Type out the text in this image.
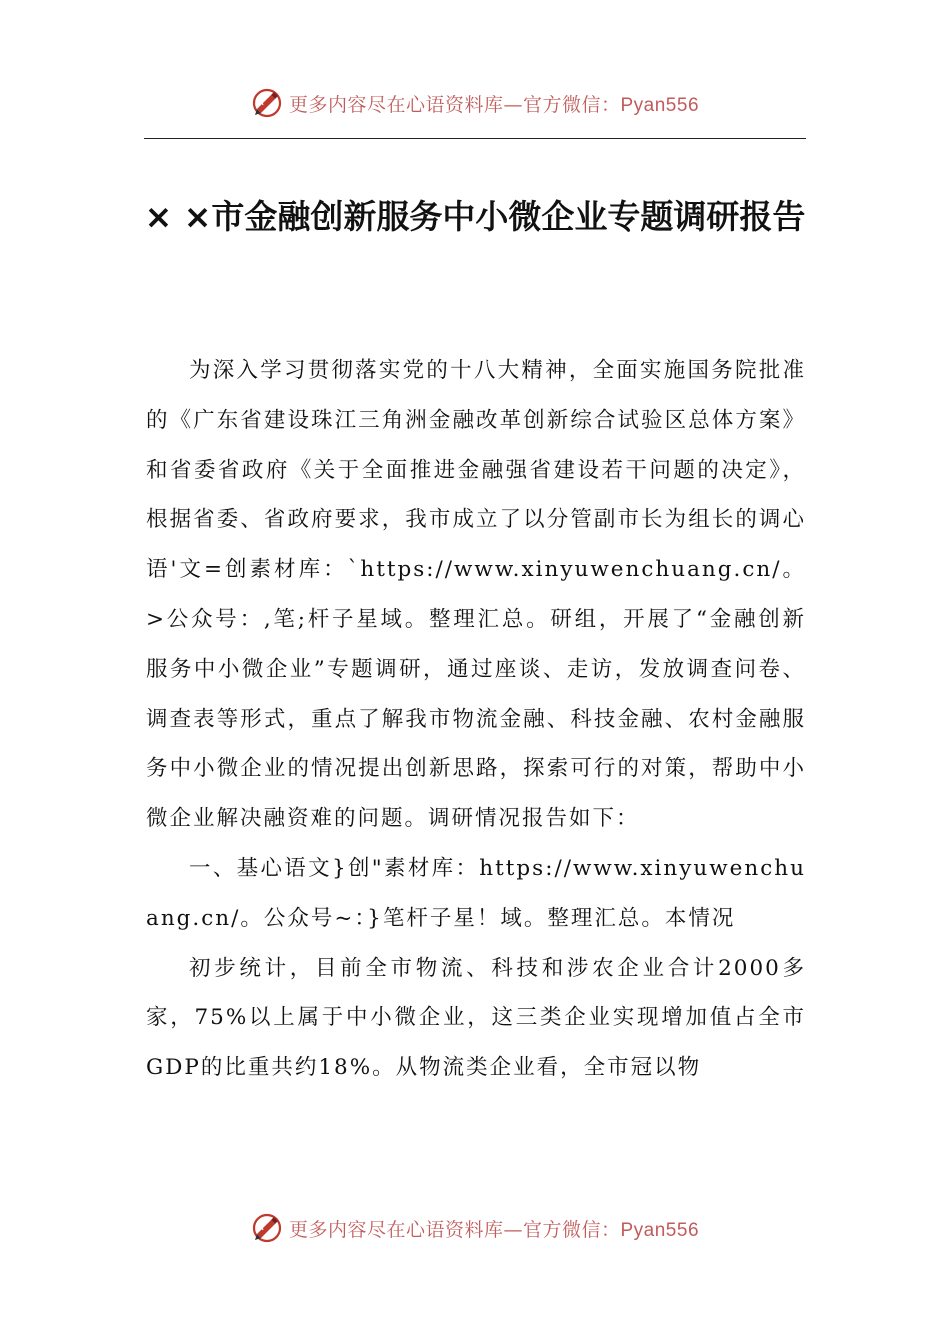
更多内容尽在心语资料库—官方微信：Pyan556
× ×市金融创新服务中小微企业专题调研报告

为深入学习贯彻落实党的十八大精神，全面实施国务院批准的《广东省建设珠江三角洲金融改革创新综合试验区总体方案》和省委省政府《关于全面推进金融强省建设若干问题的决定》，根据省委、省政府要求，我市成立了以分管副市长为组长的调心语'文=创素材库：`https://www.xinyuwenchuang.cn/。>公众号：,笔;杆子星域。整理汇总。研组，开展了“金融创新服务中小微企业”专题调研，通过座谈、走访，发放调查问卷、调查表等形式，重点了解我市物流金融、科技金融、农村金融服务中小微企业的情况提出创新思路，探索可行的对策，帮助中小微企业解决融资难的问题。调研情况报告如下：

一、基心语文}创"素材库：https://www.xinyuwenchuang.cn/。公众号~：}笔杆子星！域。整理汇总。本情况

初步统计，目前全市物流、科技和涉农企业合计2000多家，75%以上属于中小微企业，这三类企业实现增加值占全市GDP的比重共约18%。从物流类企业看，全市冠以物

更多内容尽在心语资料库—官方微信：Pyan556
